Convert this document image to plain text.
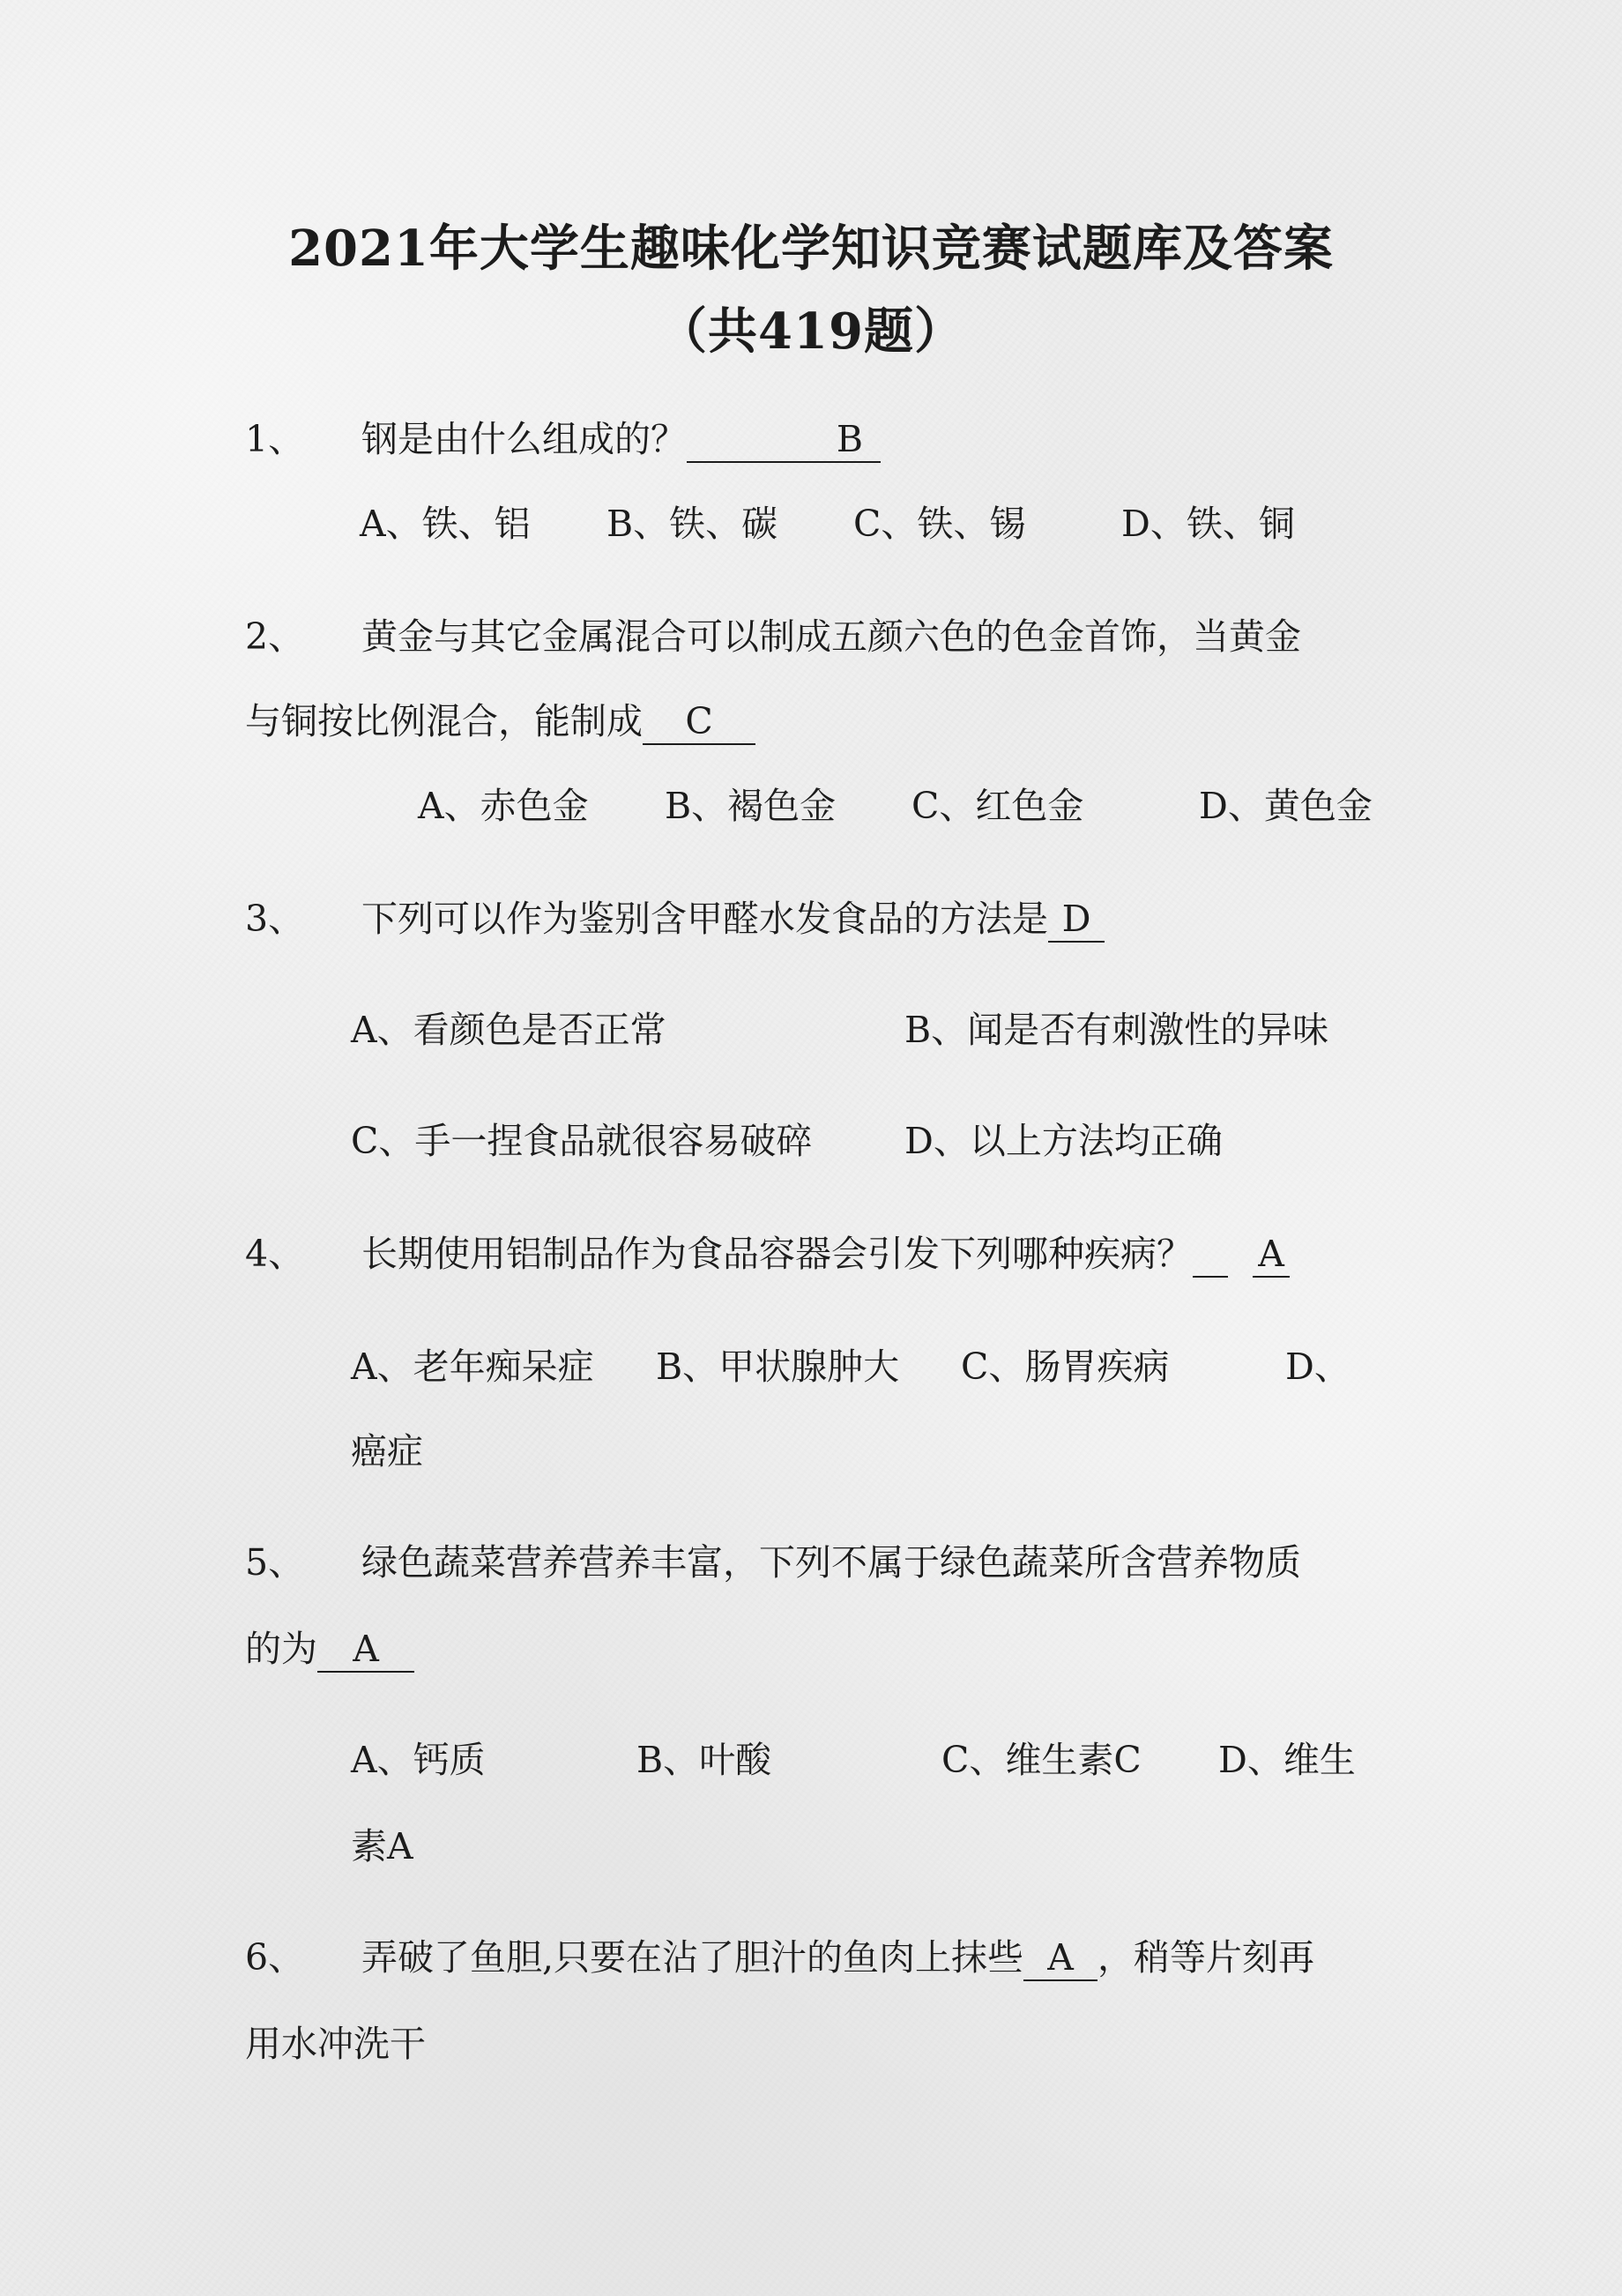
2021年大学生趣味化学知识竞赛试题库及答案
（共419题）
1、 钢是由什么组成的？	B
A、铁、铝 B、铁、碳 C、铁、锡	D、铁、铜
2、 黄金与其它金属混合可以制成五颜六色的色金首饰，当黄金
与铜按比例混合，能制成 C
A、赤色金 B、褐色金 C、红色金	D、黄色金
3、 下列可以作为鉴别含甲醛水发食品的方法是 D
A、看颜色是否正常	B、闻是否有刺激性的异味
C、手一捏食品就很容易破碎	D、以上方法均正确
4、 长期使用铝制品作为食品容器会引发下列哪种疾病？ A
A、老年痴呆症 B、甲状腺肿大 C、肠胃疾病	D、
癌症
5、 绿色蔬菜营养营养丰富，下列不属于绿色蔬菜所含营养物质
的为 A
A、钙质	B、叶酸	C、维生素C D、维生
素A
6、 弄破了鱼胆,只要在沾了胆汁的鱼肉上抹些 A ，稍等片刻再
用水冲洗干
